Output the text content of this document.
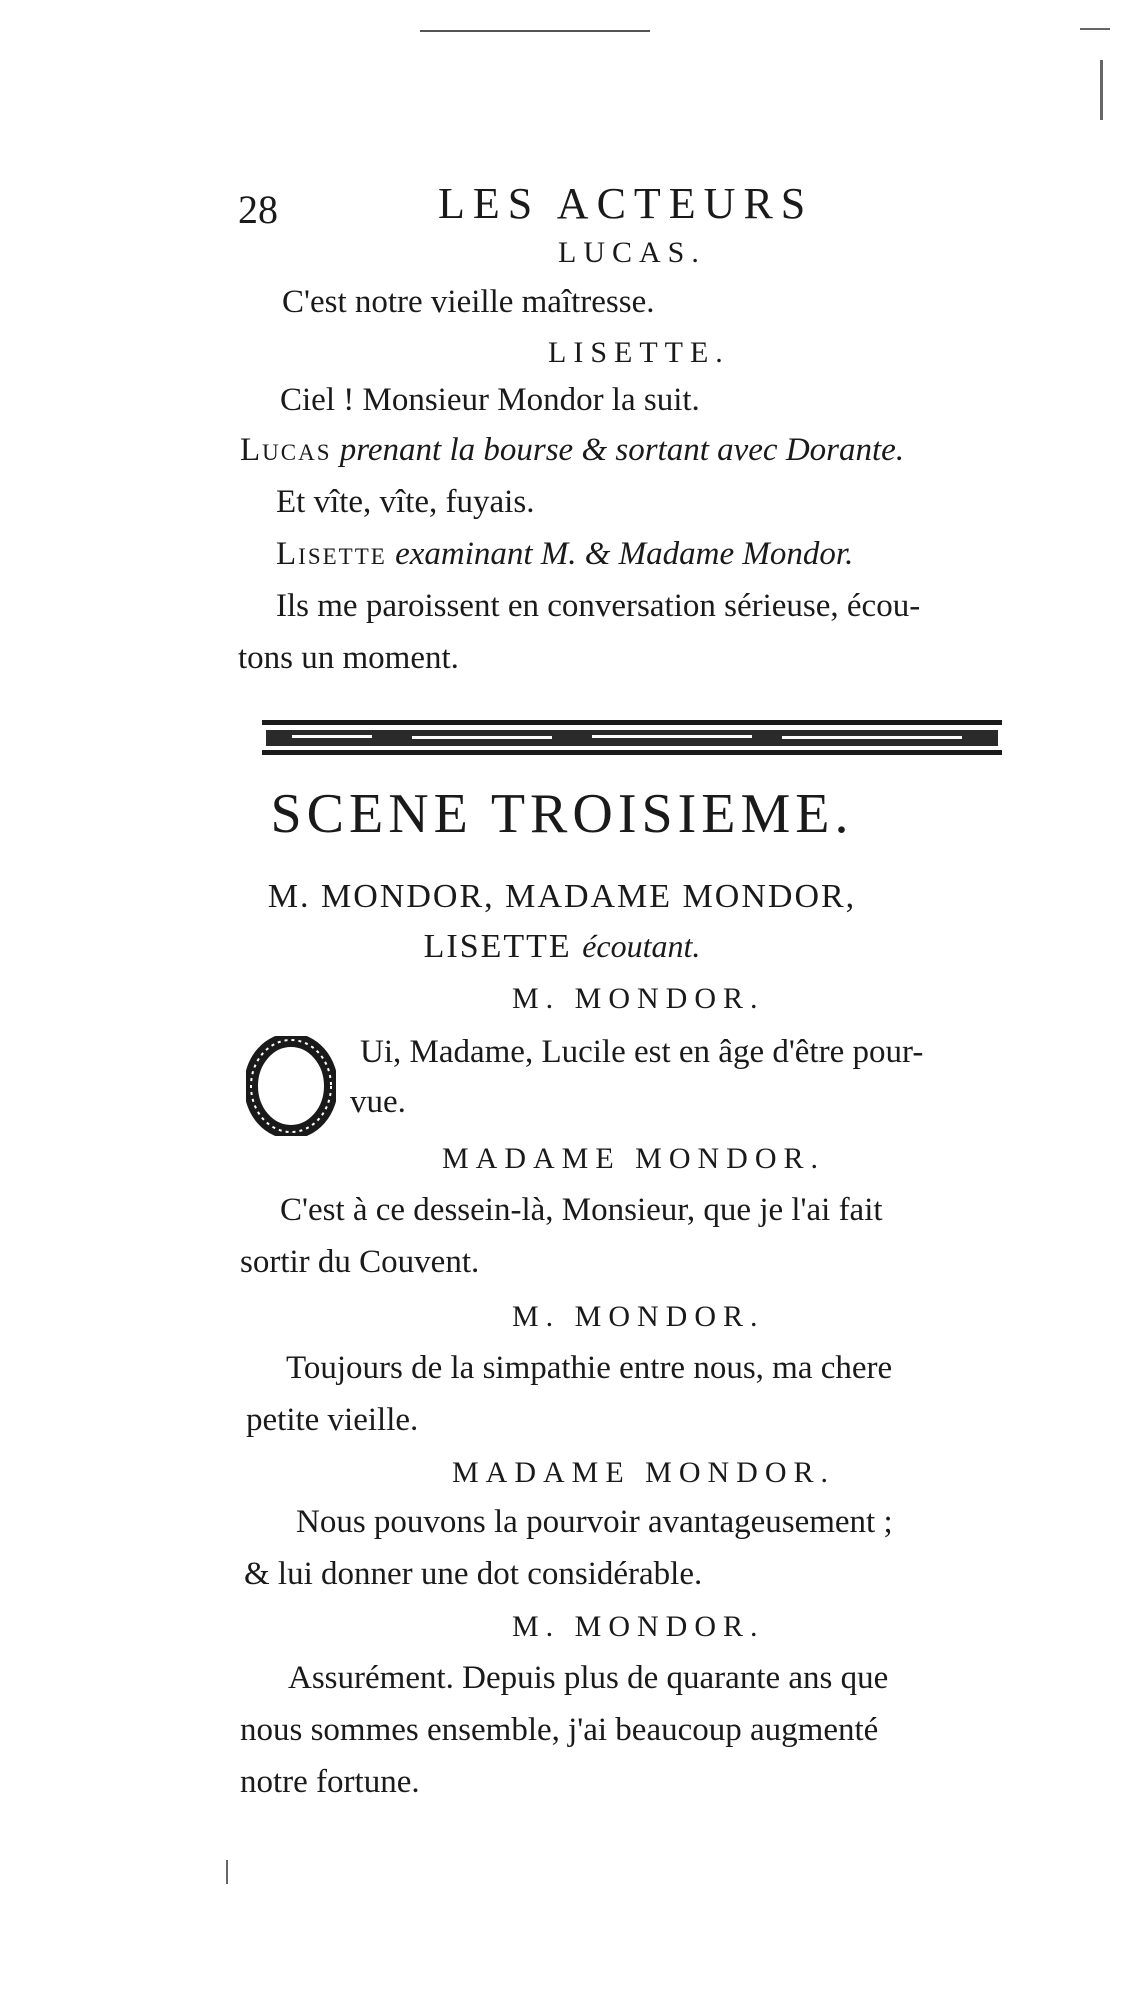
28	LES ACTEURS
LUCAS.
C'est notre vieille maîtresse.
LISETTE.
Ciel ! Monsieur Mondor la suit.
Lucas prenant la bourse & sortant avec Dorante.
Et vîte, vîte, fuyais.
Lisette examinant M. & Madame Mondor.
Ils me paroissent en conversation sérieuse, écou-
tons un moment.
SCENE TROISIEME.
M. MONDOR, MADAME MONDOR,
LISETTE écoutant.
O
M. MONDOR.
Ui, Madame, Lucile est en âge d'être pour-
vue.
MADAME MONDOR.
C'est à ce dessein-là, Monsieur, que je l'ai fait
sortir du Couvent.
M. MONDOR.
Toujours de la simpathie entre nous, ma chere
petite vieille.
MADAME MONDOR.
Nous pouvons la pourvoir avantageusement ;
& lui donner une dot considérable.
M. MONDOR.
Assurément. Depuis plus de quarante ans que
nous sommes ensemble, j'ai beaucoup augmenté
notre fortune.
